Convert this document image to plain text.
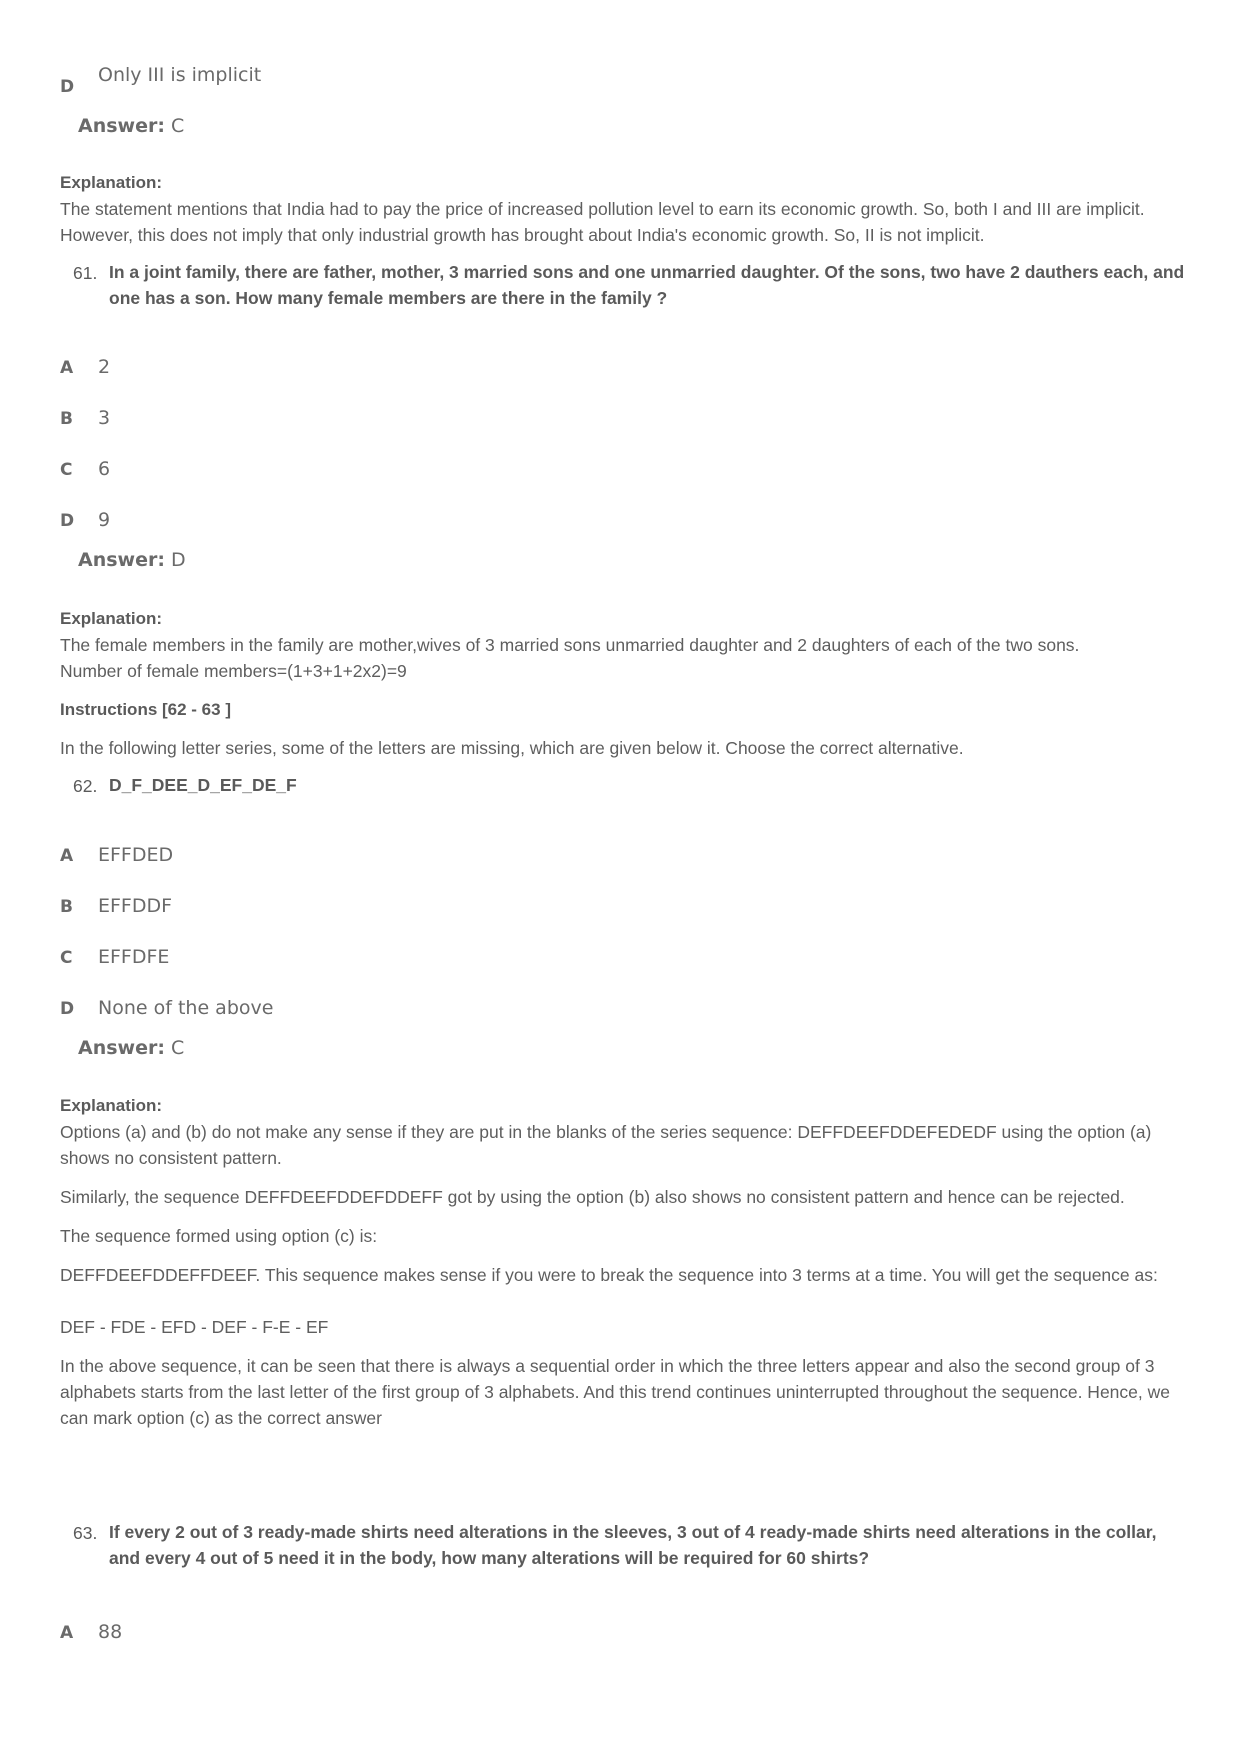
D
Only III is implicit
Answer: C
Explanation:
The statement mentions that India had to pay the price of increased pollution level to earn its economic growth. So, both I and III are implicit. However, this does not imply that only industrial growth has brought about India's economic growth. So, II is not implicit.
61. In a joint family, there are father, mother, 3 married sons and one unmarried daughter. Of the sons, two have 2 dauthers each, and one has a son. How many female members are there in the family ?
A 2
B 3
C 6
D 9
Answer: D
Explanation:
The female members in the family are mother,wives of 3 married sons unmarried daughter and 2 daughters of each of the two sons.
Number of female members=(1+3+1+2x2)=9
Instructions [62 - 63 ]
In the following letter series, some of the letters are missing, which are given below it. Choose the correct alternative.
62. D_F_DEE_D_EF_DE_F
A EFFDED
B EFFDDF
C EFFDFE
D None of the above
Answer: C
Explanation:
Options (a) and (b) do not make any sense if they are put in the blanks of the series sequence: DEFFDEEFDDEFEDEDF using the option (a) shows no consistent pattern.
Similarly, the sequence DEFFDEEFDDEFDDEFF got by using the option (b) also shows no consistent pattern and hence can be rejected.
The sequence formed using option (c) is:
DEFFDEEFDDEFFDEEF. This sequence makes sense if you were to break the sequence into 3 terms at a time. You will get the sequence as:
DEF - FDE - EFD - DEF - F-E - EF
In the above sequence, it can be seen that there is always a sequential order in which the three letters appear and also the second group of 3 alphabets starts from the last letter of the first group of 3 alphabets. And this trend continues uninterrupted throughout the sequence. Hence, we can mark option (c) as the correct answer
63. If every 2 out of 3 ready-made shirts need alterations in the sleeves, 3 out of 4 ready-made shirts need alterations in the collar, and every 4 out of 5 need it in the body, how many alterations will be required for 60 shirts?
A 88
